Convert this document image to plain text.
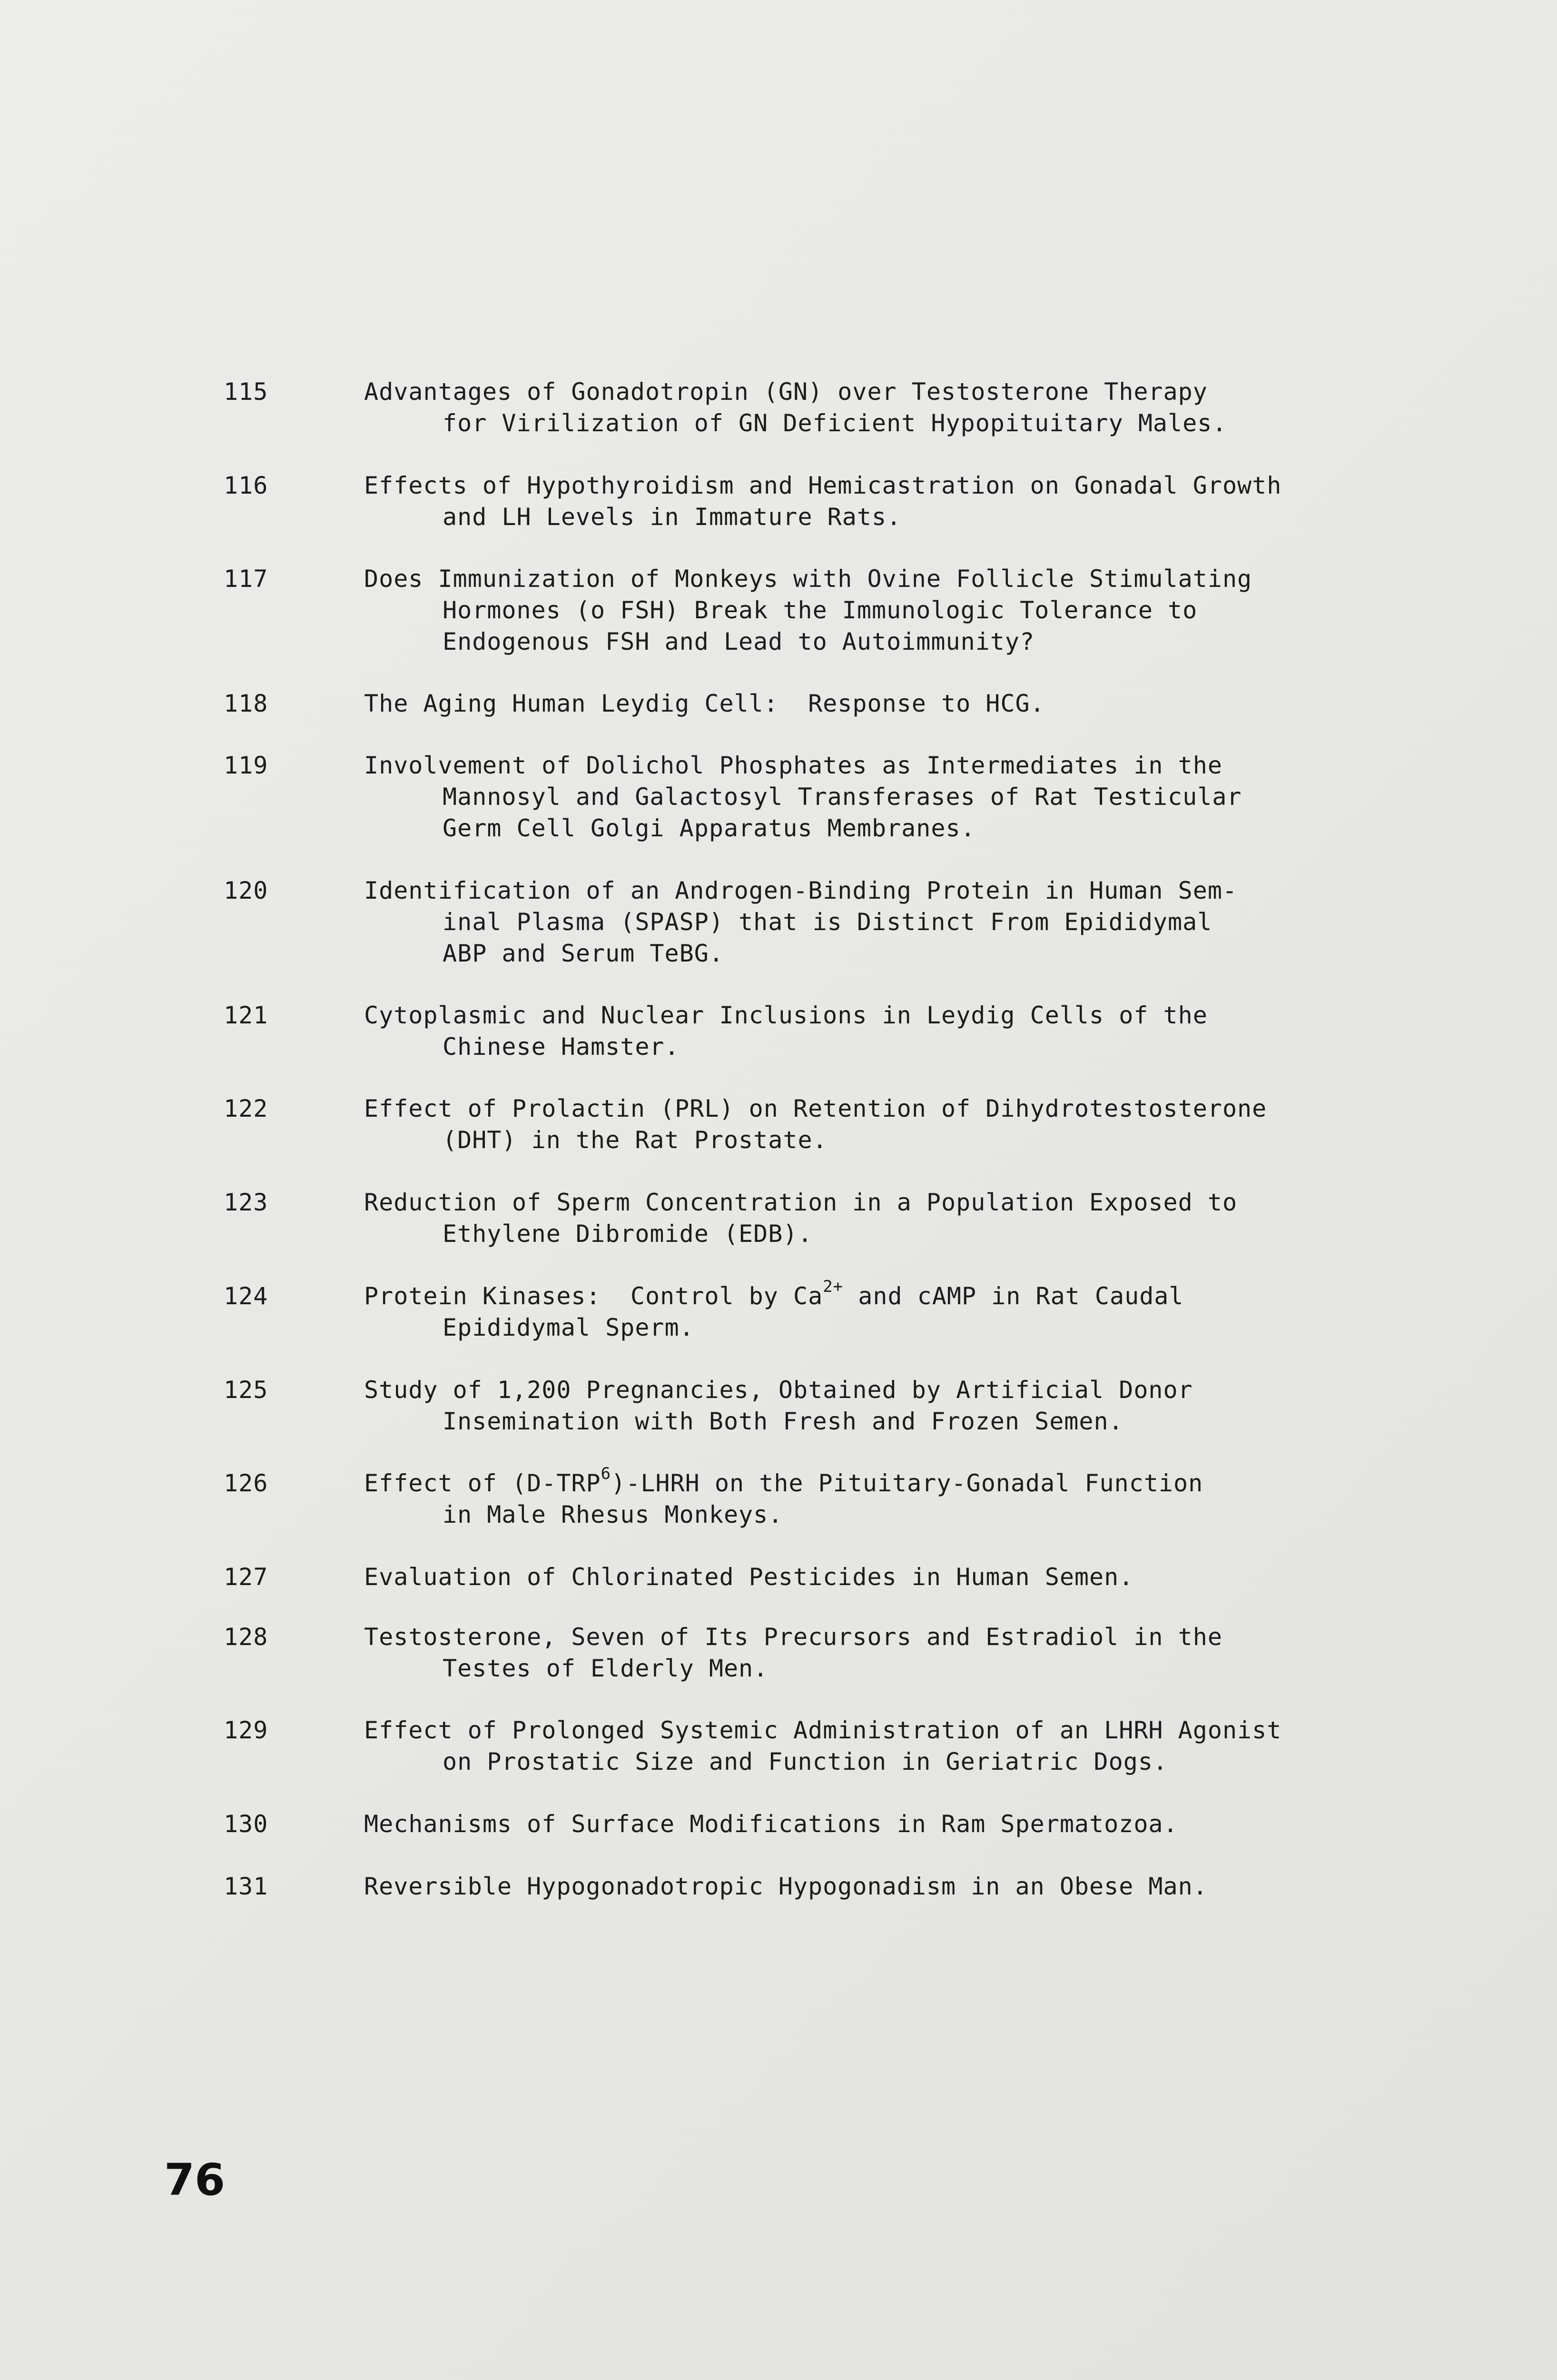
115	Advantages of Gonadotropin (GN) over Testosterone Therapy
for Virilization of GN Deficient Hypopituitary Males.
116	Effects of Hypothyroidism and Hemicastration on Gonadal Growth
and LH Levels in Immature Rats.
117	Does Immunization of Monkeys with Ovine Follicle Stimulating
Hormones (o FSH) Break the Immunologic Tolerance to
Endogenous FSH and Lead to Autoimmunity?
118	The Aging Human Leydig Cell:  Response to HCG.
119	Involvement of Dolichol Phosphates as Intermediates in the
Mannosyl and Galactosyl Transferases of Rat Testicular
Germ Cell Golgi Apparatus Membranes.
120	Identification of an Androgen-Binding Protein in Human Sem-
inal Plasma (SPASP) that is Distinct From Epididymal
ABP and Serum TeBG.
121	Cytoplasmic and Nuclear Inclusions in Leydig Cells of the
Chinese Hamster.
122	Effect of Prolactin (PRL) on Retention of Dihydrotestosterone
(DHT) in the Rat Prostate.
123	Reduction of Sperm Concentration in a Population Exposed to
Ethylene Dibromide (EDB).
124	Protein Kinases:  Control by $Ca^{2+}$ and cAMP in Rat Caudal
Epididymal Sperm.
125	Study of 1,200 Pregnancies, Obtained by Artificial Donor
Insemination with Both Fresh and Frozen Semen.
126	Effect of (D-TRP$^6$)-LHRH on the Pituitary-Gonadal Function
in Male Rhesus Monkeys.
127	Evaluation of Chlorinated Pesticides in Human Semen.
128	Testosterone, Seven of Its Precursors and Estradiol in the
Testes of Elderly Men.
129	Effect of Prolonged Systemic Administration of an LHRH Agonist
on Prostatic Size and Function in Geriatric Dogs.
130	Mechanisms of Surface Modifications in Ram Spermatozoa.
131	Reversible Hypogonadotropic Hypogonadism in an Obese Man.
76
